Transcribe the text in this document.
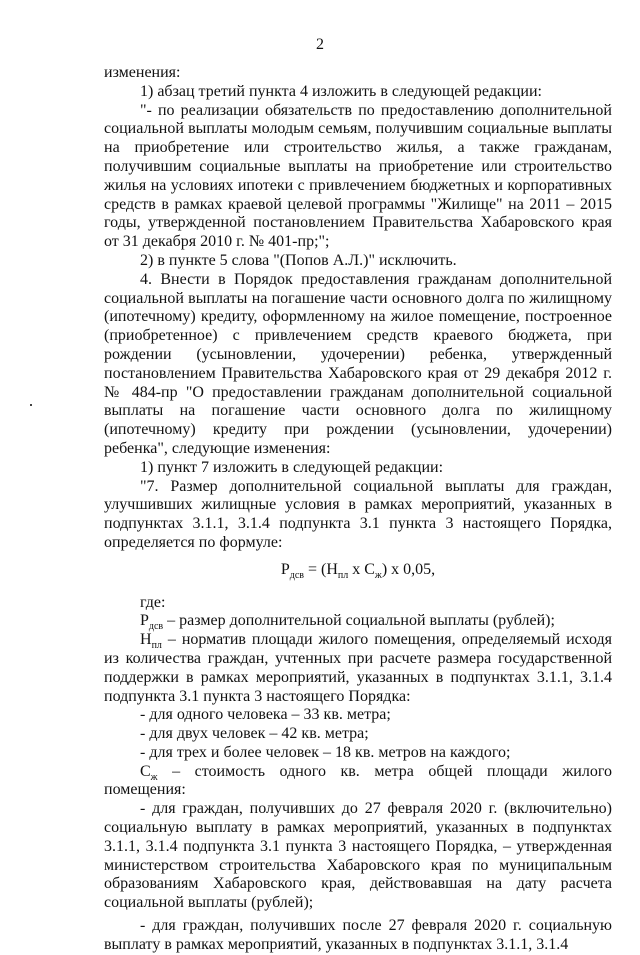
2

изменения:

1) абзац третий пункта 4 изложить в следующей редакции:

"- по реализации обязательств по предоставлению дополнительной социальной выплаты молодым семьям, получившим социальные выплаты на приобретение или строительство жилья, а также гражданам, получившим социальные выплаты на приобретение или строительство жилья на условиях ипотеки с привлечением бюджетных и корпоративных средств в рамках краевой целевой программы "Жилище" на 2011 – 2015 годы, утвержденной постановлением Правительства Хабаровского края от 31 декабря 2010 г. № 401-пр;";

2) в пункте 5 слова "(Попов А.Л.)" исключить.

4. Внести в Порядок предоставления гражданам дополнительной социальной выплаты на погашение части основного долга по жилищному (ипотечному) кредиту, оформленному на жилое помещение, построенное (приобретенное) с привлечением средств краевого бюджета, при рождении (усыновлении, удочерении) ребенка, утвержденный постановлением Правительства Хабаровского края от 29 декабря 2012 г. № 484-пр "О предоставлении гражданам дополнительной социальной выплаты на погашение части основного долга по жилищному (ипотечному) кредиту при рождении (усыновлении, удочерении) ребенка", следующие изменения:

1) пункт 7 изложить в следующей редакции:

"7. Размер дополнительной социальной выплаты для граждан, улучшивших жилищные условия в рамках мероприятий, указанных в подпунктах 3.1.1, 3.1.4 подпункта 3.1 пункта 3 настоящего Порядка, определяется по формуле:

$Р_{дсв} = (Н_{пл}$ х $С_ж$) х 0,05,

где:

$Р_{дсв}$ – размер дополнительной социальной выплаты (рублей);

$Н_{пл}$ – норматив площади жилого помещения, определяемый исходя из количества граждан, учтенных при расчете размера государственной поддержки в рамках мероприятий, указанных в подпунктах 3.1.1, 3.1.4 подпункта 3.1 пункта 3 настоящего Порядка:

- для одного человека – 33 кв. метра;

- для двух человек – 42 кв. метра;

- для трех и более человек – 18 кв. метров на каждого;

$С_ж$ – стоимость одного кв. метра общей площади жилого помещения:

- для граждан, получивших до 27 февраля 2020 г. (включительно) социальную выплату в рамках мероприятий, указанных в подпунктах 3.1.1, 3.1.4 подпункта 3.1 пункта 3 настоящего Порядка, – утвержденная министерством строительства Хабаровского края по муниципальным образованиям Хабаровского края, действовавшая на дату расчета социальной выплаты (рублей);

- для граждан, получивших после 27 февраля 2020 г. социальную выплату в рамках мероприятий, указанных в подпунктах 3.1.1, 3.1.4
